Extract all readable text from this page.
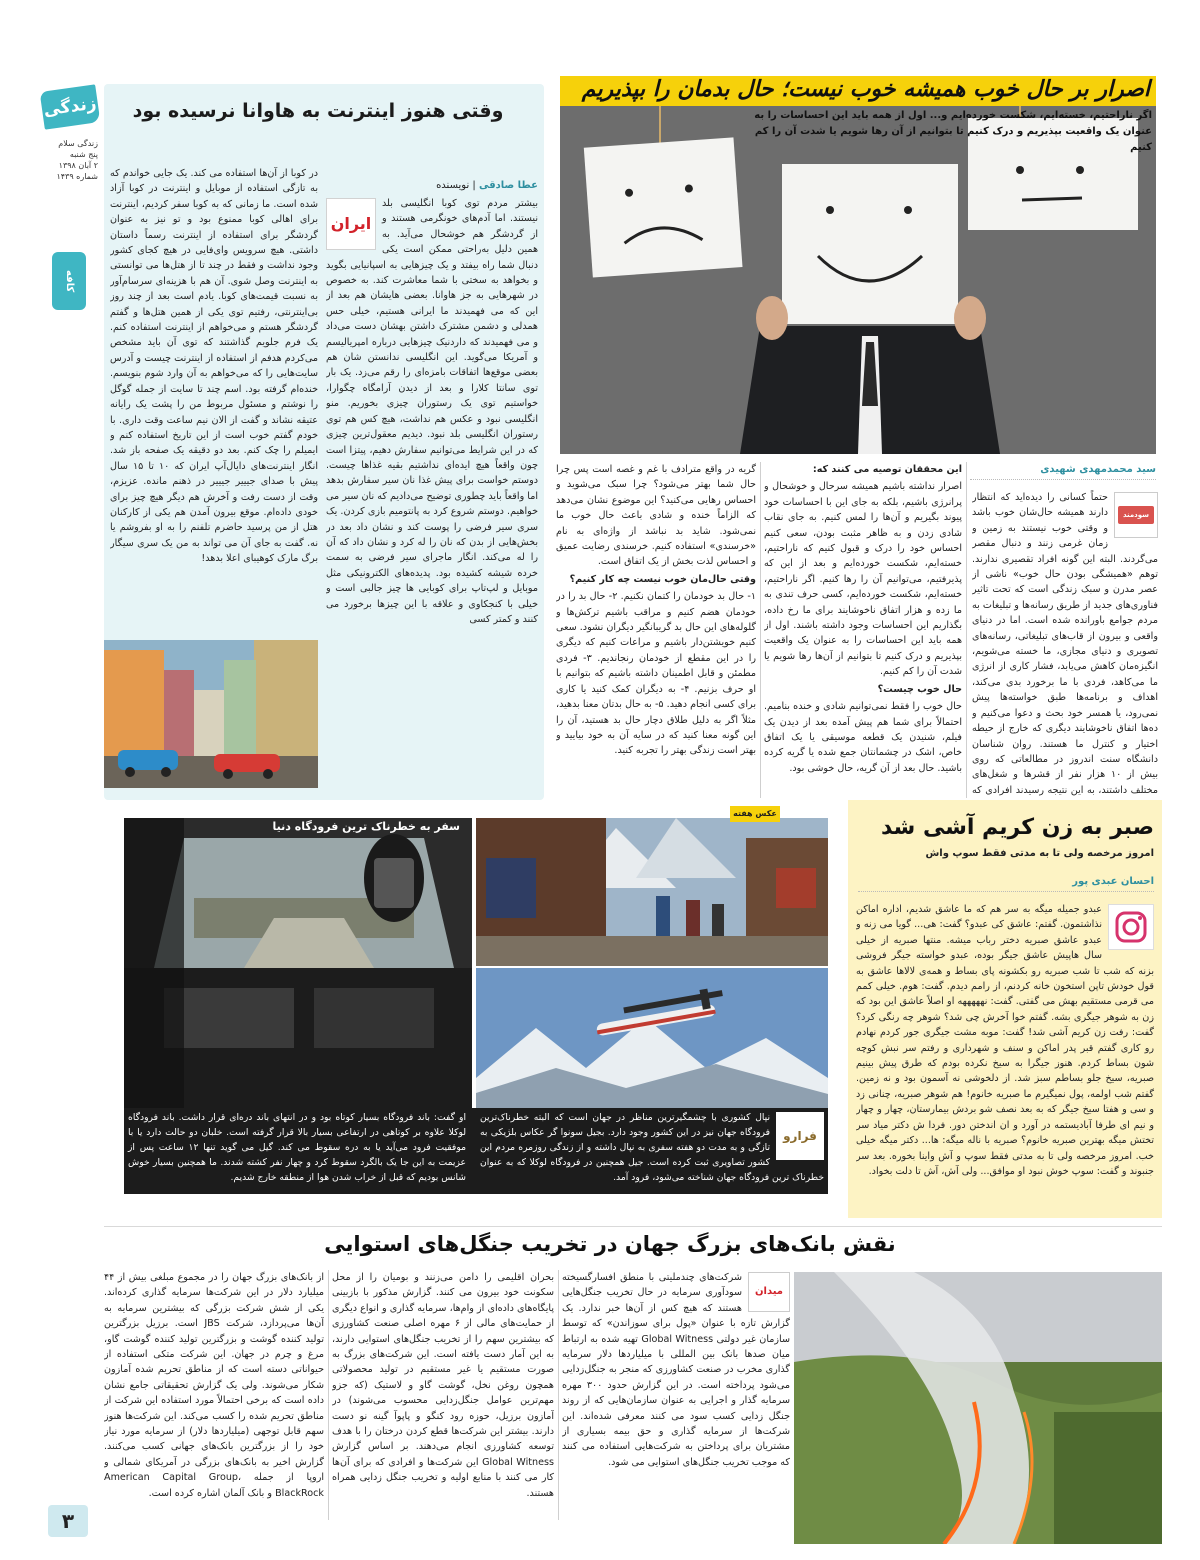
زندگی
زندگی سلام
پنج شنبه
۲ آبان ۱۳۹۸
شماره ۱۴۳۹
کافه
۳
وقتی هنوز اینترنت به هاوانا نرسیده بود
عطا صادقی | نویسنده
ایران

بیشتر مردم توی کوبا انگلیسی بلد نیستند. اما آدم‌های خونگرمی هستند و از گردشگر هم خوشحال می‌آید. به همین دلیل به‌راحتی ممکن است یکی دنبال شما راه بیفتد و یک چیزهایی به اسپانیایی بگوید و بخواهد به سختی با شما معاشرت کند. به خصوص در شهرهایی به جز هاوانا. بعضی هایشان هم بعد از این که می فهمیدند ما ایرانی هستیم، خیلی حس همدلی و دشمن مشترک داشتن بهشان دست می‌داد و می فهمیدند که داردنیک چیزهایی درباره امپریالیسم و آمریکا می‌گوید. این انگلیسی ندانستن شان هم بعضی موقع‌ها اتفاقات بامزه‌ای را رقم می‌زد. یک بار توی سانتا کلارا و بعد از دیدن آرامگاه چگوارا، خواستیم توی یک رستوران چیزی بخوریم. منو انگلیسی نبود و عکس هم نداشت، هیچ کس هم توی رستوران انگلیسی بلد نبود. دیدیم معقول‌ترین چیزی که در این شرایط می‌توانیم سفارش دهیم، پیتزا است چون واقعاً هیچ ایده‌ای نداشتیم بقیه غذاها چیست. دوستم خواست برای پیش غذا نان سیر سفارش بدهد اما واقعاً باید چطوری توضیح می‌دادیم که نان سیر می خواهیم. دوستم شروع کرد به پانتومیم بازی کردن. یک سری سیر فرضی را پوست کند و نشان داد بعد در بخش‌هایی از بدن که نان را له کرد و نشان داد که آن را له می‌کند. انگار ماجرای سیر فرضی به سمت خرده شیشه کشیده بود. پدیده‌های الکترونیکی مثل موبایل و لپ‌تاپ برای کوبایی ها چیز جالبی است و خیلی با کنجکاوی و علاقه با این چیزها برخورد می کنند و کمتر کسی

در کوبا از آن‌ها استفاده می کند. یک جایی خواندم که به تازگی استفاده از موبایل و اینترنت در کوبا آزاد شده است. ما زمانی که به کوبا سفر کردیم، اینترنت برای اهالی کوبا ممنوع بود و تو نیز به عنوان گردشگر برای استفاده از اینترنت رسماً داستان داشتی. هیچ سرویس وای‌فایی در هیچ کجای کشور وجود نداشت و فقط در چند تا از هتل‌ها می توانستی به اینترنت وصل شوی. آن هم با هزینه‌ای سرسام‌آور به نسبت قیمت‌های کوبا. یادم است بعد از چند روز بی‌اینترنتی، رفتیم توی یکی از همین هتل‌ها و گفتم گردشگر هستم و می‌خواهم از اینترنت استفاده کنم. یک فرم جلویم گذاشتند که توی آن باید مشخص می‌کردم هدفم از استفاده از اینترنت چیست و آدرس سایت‌هایی را که می‌خواهم به آن وارد شوم بنویسم. خنده‌ام گرفته بود. اسم چند تا سایت از جمله گوگل را نوشتم و مسئول مربوط من را پشت یک رایانه عتیقه نشاند و گفت از الان نیم ساعت وقت داری. با خودم گفتم خوب است از این تاریخ استفاده کنم و ایمیلم را چک کنم. بعد دو دقیقه یک صفحه باز شد. انگار اینترنت‌های دایال‌آپ ایران که ۱۰ تا ۱۵ سال پیش با صدای جیییر جیییر در ذهنم مانده. عزیزم، وقت از دست رفت و آخرش هم دیگر هیچ چیز برای خودی داده‌ام. موقع بیرون آمدن هم یکی از کارکنان هتل از من پرسید حاضرم تلفنم را به او بفروشم یا نه. گفت به جای آن می تواند به من یک سری سیگار برگ مارک کوهیبای اعلا بدهد!

اصرار بر حال خوب همیشه خوب نیست؛ حال بدمان را بپذیریم
اگر ناراحتیم، خسته‌ایم، شکست خورده‌ایم و... اول از همه باید این احساسات را به عنوان یک واقعیت بپذیریم و درک کنیم تا بتوانیم از آن رها شویم یا شدت آن را کم کنیم
سید محمدمهدی شهیدی
سودمند

حتماً کسانی را دیده‌اید که انتظار دارند همیشه حال‌شان خوب باشد و وقتی خوب نیستند به زمین و زمان غرمی زنند و دنبال مقصر می‌گردند. البته این گونه افراد تقصیری ندارند. توهم «همیشگی بودن حال خوب» ناشی از عصر مدرن و سبک زندگی است که تحت تاثیر فناوری‌های جدید از طریق رسانه‌ها و تبلیغات به مردم جوامع باورانده شده است. اما در دنیای واقعی و بیرون از قاب‌های تبلیغاتی، رسانه‌های تصویری و دنیای مجازی، ما خسته می‌شویم، انگیزه‌مان کاهش می‌یابد، فشار کاری از انرژی ما می‌کاهد، فردی با ما برخورد بدی می‌کند، اهداف و برنامه‌ها طبق خواسته‌ها پیش نمی‌رود، یا همسر خود بحث و دعوا می‌کنیم و ده‌ها اتفاق ناخوشایند دیگری که خارج از حیطه اختیار و کنترل ما هستند. روان شناسان دانشگاه سنت اندروز در مطالعاتی که روی بیش از ۱۰ هزار نفر از قشرها و شغل‌های مختلف داشتند، به این نتیجه رسیدند افرادی که

این محققان توصیه می کنند که:

اصرار نداشته باشیم همیشه سرحال و خوشحال و پرانرژی باشیم، بلکه به جای این با احساسات خود پیوند بگیریم و آن‌ها را لمس کنیم. به جای نقاب شادی زدن و به ظاهر مثبت بودن، سعی کنیم احساس خود را درک و قبول کنیم که ناراحتیم، خسته‌ایم، شکست خورده‌ایم و بعد از این که پذیرفتیم، می‌توانیم آن را رها کنیم. اگر ناراحتیم، خسته‌ایم، شکست خورده‌ایم، کسی حرف تندی به ما زده و هزار اتفاق ناخوشایند برای ما رخ داده، بگذاریم این احساسات وجود داشته باشند. اول از همه باید این احساسات را به عنوان یک واقعیت بپذیریم و درک کنیم تا بتوانیم از آن‌ها رها شویم یا شدت آن را کم کنیم.

حال خوب چیست؟

حال خوب را فقط نمی‌توانیم شادی و خنده بنامیم. احتمالاً برای شما هم پیش آمده بعد از دیدن یک فیلم، شنیدن یک قطعه موسیقی یا یک اتفاق خاص، اشک در چشمانتان جمع شده یا گریه کرده باشید. حال بعد از آن گریه، حال خوشی بود.

گریه در واقع مترادف با غم و غصه است پس چرا حال شما بهتر می‌شود؟ چرا سبک می‌شوید و احساس رهایی می‌کنید؟ این موضوع نشان می‌دهد که الزاماً خنده و شادی باعث حال خوب ما نمی‌شود. شاید بد نباشد از واژه‌ای به نام «خرسندی» استفاده کنیم. خرسندی رضایت عمیق و احساس لذت بخش از یک اتفاق است.

وقتی حال‌مان خوب نیست چه کار کنیم؟

۱- حال بد خودمان را کتمان نکنیم. ۲- حال بد را در خودمان هضم کنیم و مراقب باشیم ترکش‌ها و گلوله‌های این حال بد گریبانگیر دیگران نشود. سعی کنیم خویشتن‌دار باشیم و مراعات کنیم که دیگری را در این مقطع از خودمان رنجاندیم. ۳- فردی مطمئن و قابل اطمینان داشته باشیم که بتوانیم با او حرف بزنیم. ۴- به دیگران کمک کنید یا کاری برای کسی انجام دهید. ۵- به حال بدتان معنا بدهید، مثلاً اگر به دلیل طلاق دچار حال بد هستید، آن را این گونه معنا کنید که در سایه آن به خود بیایید و بهتر است زندگی بهتر را تجربه کنید.

سفر به خطرناک ترین فرودگاه دنیا
عکس هفته
فرارو
نپال کشوری با چشمگیرترین مناظر در جهان است که البته خطرناک‌ترین فرودگاه جهان نیز در این کشور وجود دارد. بجیل سونوا گر عکاس بلژیکی به تازگی و به مدت دو هفته سفری به نپال داشته و از زندگی روزمره مردم این کشور تصاویری ثبت کرده است. جیل همچنین در فرودگاه لوکلا که به عنوان خطرناک ترین فرودگاه جهان شناخته می‌شود، فرود آمد.
او گفت: باند فرودگاه بسیار کوتاه بود و در انتهای باند دره‌ای قرار داشت. باند فرودگاه لوکلا علاوه بر کوتاهی در ارتفاعی بسیار بالا قرار گرفته است. خلبان دو حالت دارد یا با موفقیت فرود می‌آید یا به دره سقوط می کند. گیل می گوید تنها ۱۲ ساعت پس از عزیمت به این جا یک بالگرد سقوط کرد و چهار نفر کشته شدند. ما همچنین بسیار خوش شانس بودیم که قبل از خراب شدن هوا از منطقه خارج شدیم.
صبر به زن کریم آشی شد
امروز مرخصه ولی تا به مدتی فقط سوپ واش
احسان عبدی پور

عبدو جمیله میگه به سر هم که ما عاشق شدیم، اداره اماکن نذاشتمون. گفتم: عاشق کی عبدو؟ گفت: هی... گویا می زنه و عبدو عاشق صبریه دختر رباب میشه. منتها صبریه از خیلی سال هاپیش عاشق جیگر بوده، عبدو خواسته جیگر فروشی بزنه که شب تا شب صبریه رو بکشونه پای بساط و همه‌ی لالا‌ها عاشق به قول خودش تاپن استخون خانه کردنم، از رامم دیدم. گفت: هوم. خیلی کمم می قرمی مستقیم بهش می گفتی. گفت: نهههههه او اصلاً عاشق این بود که زن به شوهر جیگری بشه. گفتم خوا آخرش چی شد؟ شوهر چه رنگی کرد؟ گفت: رفت زن کریم آشی شد! گفت: موبه مشت جیگری جور کردم نهادم رو کاری گفتم قبر پدر اماکن و سنف و شهرداری و رفتم سر نبش کوچه شون بساط کردم. هنوز جیگرا به سیخ نکرده بودم که طرق پیش بینیم صبریه، سیخ جلو بساطم سبز شد. از دلخوشی نه آسمون بود و نه زمین. گفتم شب اولمه، پول نمیگیرم ما صبریه خانوم! هم شوهر صبریه، چنانی زد و سی و هفتا سیخ جیگر که به بعد نصف شو بردش بیمارستان، چهار و چهار و نیم ای طرفا آبادیستمه در آورد و ان اندختن دور. فردا ش دکتر میاد سر تختش میگه بهترین صبریه خانوم؟ صبریه با ناله میگه: ها... دکتر میگه خیلی خب. امروز مرخصه ولی تا به مدتی فقط سوپ و آش واینا بخوره. بعد سر جنبوند و گفت: سوپ خوش نبود او موافق... ولی آش، آش تا دلت بخواد.

نقش بانک‌های بزرگ جهان در تخریب جنگل‌های استوایی
میدان

شرکت‌های چندملیتی با منطق افسارگسیخته سودآوری سرمایه در حال تخریب جنگل‌هایی هستند که هیچ کس از آن‌ها خبر ندارد. یک گزارش تازه با عنوان «پول برای سوزاندن» که توسط سازمان غیر دولتی Global Witness تهیه شده به ارتباط میان صدها بانک بین المللی با میلیاردها دلار سرمایه گذاری مخرب در صنعت کشاورزی که منجر به جنگل‌زدایی می‌شود پرداخته است. در این گزارش حدود ۳۰۰ مهره سرمایه گذار و اجرایی به عنوان سازمان‌هایی که از روند جنگل زدایی کسب سود می کنند معرفی شده‌اند. این شرکت‌ها از سرمایه گذاری و حق بیمه بسیاری از مشتریان برای پرداختن به شرکت‌هایی استفاده می کنند که موجب تخریب جنگل‌های استوایی می شود.

بحران اقلیمی را دامن می‌زنند و بومیان را از محل سکونت خود بیرون می کنند. گزارش مذکور با بازبینی پایگاه‌های داده‌ای از وام‌ها، سرمایه گذاری و انواع دیگری از حمایت‌های مالی از ۶ مهره اصلی صنعت کشاورزی که بیشترین سهم را از تخریب جنگل‌های استوایی دارند، به این آمار دست یافته است. این شرکت‌های بزرگ به صورت مستقیم یا غیر مستقیم در تولید محصولاتی همچون روغن نخل، گوشت گاو و لاستیک (که جزو مهم‌ترین عوامل جنگل‌زدایی محسوب می‌شوند) در آمازون برزیل، حوزه رود کنگو و پاپوآ گینه نو دست دارند. بیشتر این شرکت‌ها قطع کردن درختان را با هدف توسعه کشاورزی انجام می‌دهند. بر اساس گزارش Global Witness این شرکت‌ها و افرادی که برای آن‌ها کار می کنند با منابع اولیه و تخریب جنگل زدایی همراه هستند.

از بانک‌های بزرگ جهان را در مجموع مبلغی بیش از ۴۴ میلیارد دلار در این شرکت‌ها سرمایه گذاری کرده‌اند. یکی از شش شرکت بزرگی که بیشترین سرمایه به آن‌ها می‌پردازد، شرکت JBS است. برزیل بزرگترین تولید کننده گوشت و بزرگترین تولید کننده گوشت گاو، مرغ و چرم در جهان. این شرکت متکی استفاده از حیواناتی دسته است که از مناطق تحریم شده آمازون شکار می‌شوند. ولی یک گزارش تحقیقاتی جامع نشان داده است که برخی احتمالاً مورد استفاده این شرکت از مناطق تحریم شده را کسب می‌کند. این شرکت‌ها هنوز سهم قابل توجهی (میلیاردها دلار) از سرمایه مورد نیاز خود را از بزرگترین بانک‌های جهانی کسب می‌کنند. گزارش اخیر به بانک‌های بزرگی در آمریکای شمالی و اروپا از جمله American Capital Group، BlackRock و بانک آلمان اشاره کرده است.
